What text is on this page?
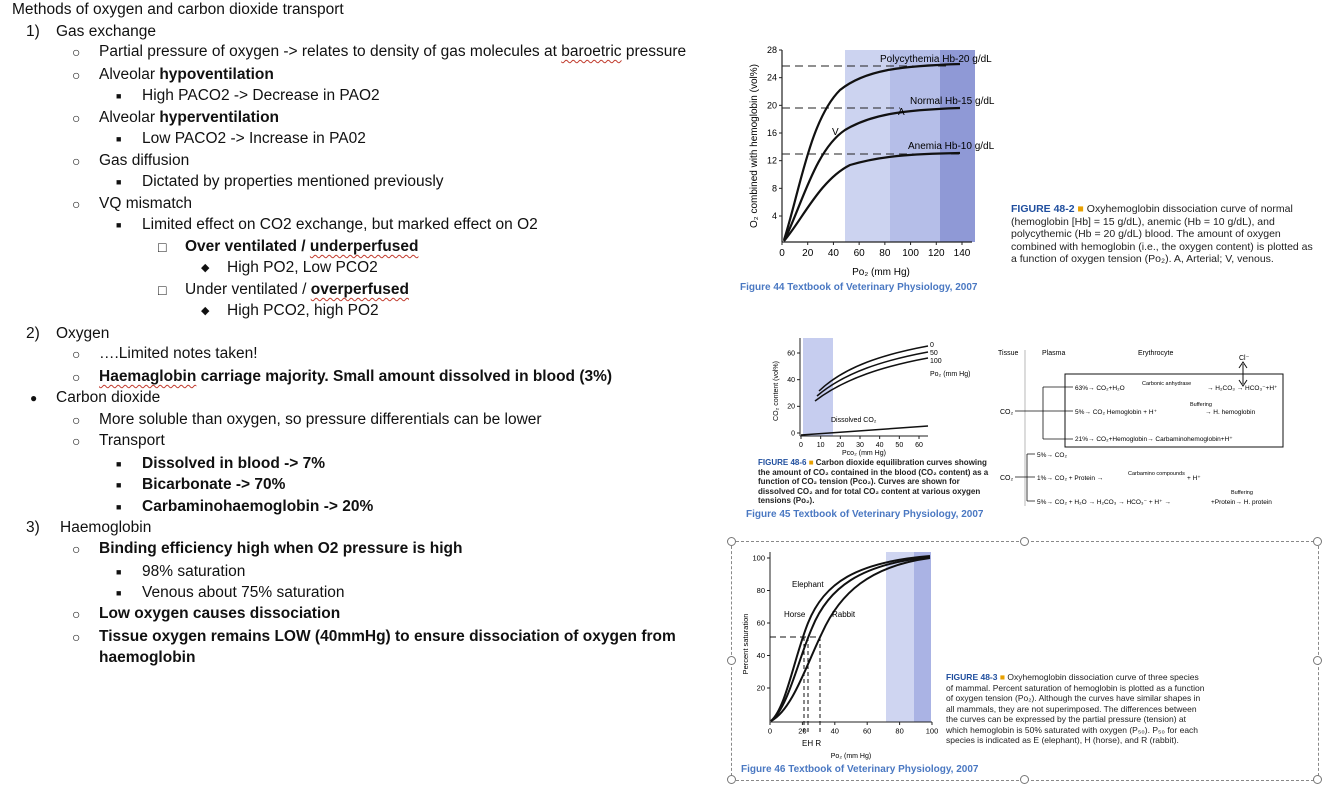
Methods of oxygen and carbon dioxide transport
1) Gas exchange
○ Partial pressure of oxygen -> relates to density of gas molecules at baroetric pressure
○ Alveolar hypoventilation
■ High PACO2 -> Decrease in PAO2
○ Alveolar hyperventilation
■ Low PACO2 -> Increase in PA02
○ Gas diffusion
■ Dictated by properties mentioned previously
○ VQ mismatch
■ Limited effect on CO2 exchange, but marked effect on O2
□ Over ventilated / underperfused
◆ High PO2, Low PCO2
□ Under ventilated / overperfused
◆ High PCO2, high PO2
2) Oxygen
○ ….Limited notes taken!
○ Haemaglobin carriage majority. Small amount dissolved in blood (3%)
● Carbon dioxide
○ More soluble than oxygen, so pressure differentials can be lower
○ Transport
■ Dissolved in blood -> 7%
■ Bicarbonate -> 70%
■ Carbaminohaemoglobin -> 20%
3) Haemoglobin
○ Binding efficiency high when O2 pressure is high
■ 98% saturation
■ Venous about 75% saturation
○ Low oxygen causes dissociation
○ Tissue oxygen remains LOW (40mmHg) to ensure dissociation of oxygen from
haemoglobin
4
8
12
16
20
24
28
0 20 40 60 80 100 120 140
Polycythemia Hb-20 g/dL
Normal Hb-15 g/dL
Anemia Hb-10 g/dL
A
V
Po₂ (mm Hg)
O₂ combined with hemoglobin (vol%)	FIGURE 48-2 ■ Oxyhemoglobin dissociation curve of normal (hemoglobin [Hb] = 15 g/dL), anemic (Hb = 10 g/dL), and polycythemic (Hb = 20 g/dL) blood. The amount of oxygen combined with hemoglobin (i.e., the oxygen content) is plotted as a function of oxygen tension (Po₂). A, Arterial; V, venous.
Figure 44 Textbook of Veterinary Physiology, 2007
0
20
40
60
0 10 20 30 40 50 60
0
50
100
Po₂ (mm Hg)
Dissolved CO₂
Pco₂ (mm Hg)
CO₂ content (vol%)
FIGURE 48-6 ■ Carbon dioxide equilibration curves showing the amount of CO₂ contained in the blood (CO₂ content) as a function of CO₂ tension (Pco₂). Curves are shown for dissolved CO₂ and for total CO₂ content at various oxygen tensions (Po₂).
Figure 45 Textbook of Veterinary Physiology, 2007
Tissue	Plasma	Erythrocyte
Cl⁻
CO₂
63%→ CO₂+H₂O
Carbonic anhydrase
→ H₂CO₃ → HCO₃⁻+H⁺
5%→ CO₂ Hemoglobin + H⁺
Buffering
→ H. hemoglobin
21%→ CO₂+Hemoglobin→ Carbaminohemoglobin+H⁺
CO₂
5%→ CO₂
1%→ CO₂ + Protein →
Carbamino compounds
+ H⁺
5%→ CO₂ + H₂O → H₂CO₃ → HCO₃⁻ + H⁺ →
Buffering
+Protein→ H. protein
20
40
60
80
100
0	20	40	60	80	100
Elephant
Horse	Rabbit
EH R
Po₂ (mm Hg)
Percent saturation
FIGURE 48-3 ■ Oxyhemoglobin dissociation curve of three species of mammal. Percent saturation of hemoglobin is plotted as a function of oxygen tension (Po₂). Although the curves have similar shapes in all mammals, they are not superimposed. The differences between the curves can be expressed by the partial pressure (tension) at which hemoglobin is 50% saturated with oxygen (P₅₀). P₅₀ for each species is indicated as E (elephant), H (horse), and R (rabbit).
Figure 46 Textbook of Veterinary Physiology, 2007
